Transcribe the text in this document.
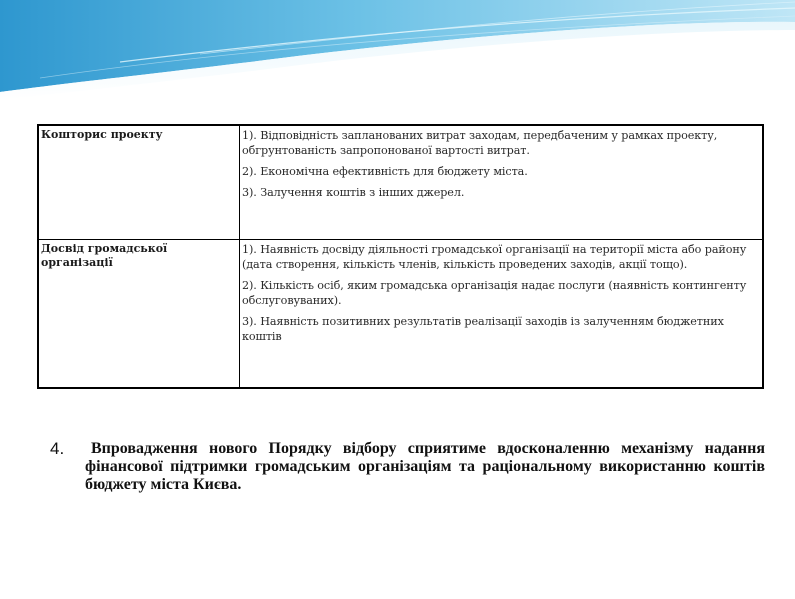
Кошторис проекту	1). Відповідність запланованих витрат заходам, передбаченим у рамках проекту, обгрунтованість запропонованої вартості витрат.

2). Економічна ефективність для бюджету міста.

3). Залучення коштів з інших джерел.

Досвід громадської організації	1). Наявність досвіду діяльності громадської організації на території міста або району (дата створення, кількість членів, кількість проведених заходів, акції тощо).

2). Кількість осіб, яким громадська організація надає послуги (наявність контингенту обслуговуваних).

3). Наявність позитивних результатів реалізації заходів із залученням бюджетних коштів

4.	Впровадження нового Порядку відбору сприятиме вдосконаленню механізму надання фінансової підтримки громадським організаціям та раціональному використанню коштів бюджету міста Києва.
